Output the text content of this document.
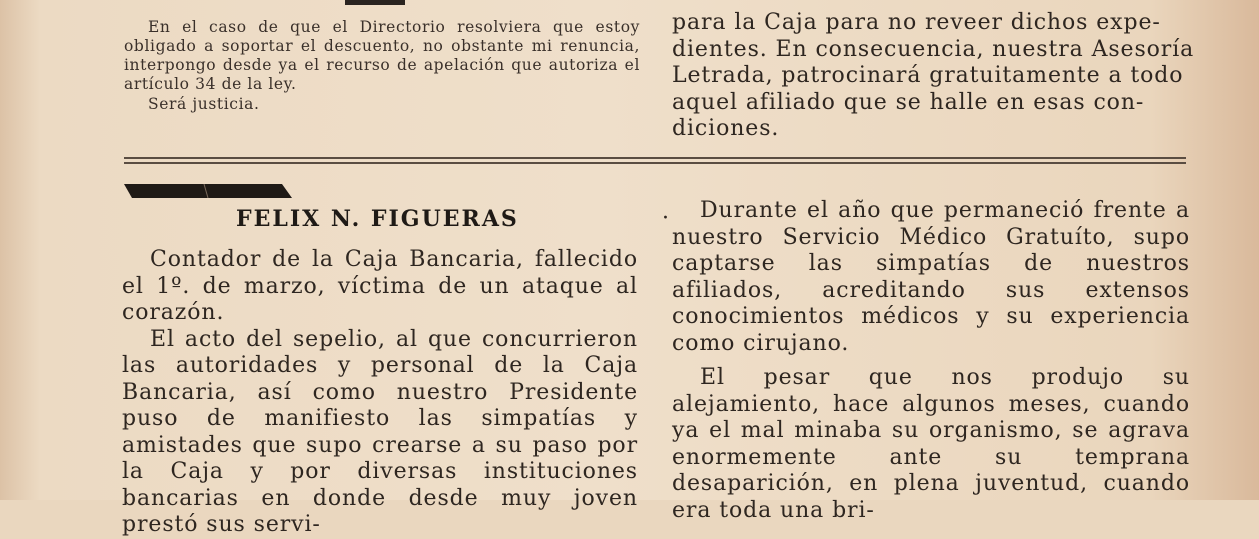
En el caso de que el Directorio resolviera que estoy obligado a soportar el descuento, no obstante mi renuncia, interpongo desde ya el recurso de apelación que autoriza el artículo 34 de la ley.

Será justicia.

para la Caja para no reveer dichos expe-
dientes. En consecuencia, nuestra Asesoría
Letrada, patrocinará gratuitamente a todo
aquel afiliado que se halle en esas con-
diciones.
FELIX N. FIGUERAS

Contador de la Caja Bancaria, fallecido el 1º. de marzo, víctima de un ataque al corazón.

El acto del sepelio, al que concurrieron las autoridades y personal de la Caja Bancaria, así como nuestro Presidente puso de manifiesto las simpatías y amistades que supo crearse a su paso por la Caja y por diversas instituciones bancarias en donde desde muy joven prestó sus servi-

·	Durante el año que permaneció frente a nuestro Servicio Médico Gratuíto, supo captarse las simpatías de nuestros afiliados, acreditando sus extensos conocimientos médicos y su experiencia como cirujano.

El pesar que nos produjo su alejamiento, hace algunos meses, cuando ya el mal minaba su organismo, se agrava enormemente ante su temprana desaparición, en plena juventud, cuando era toda una bri-
